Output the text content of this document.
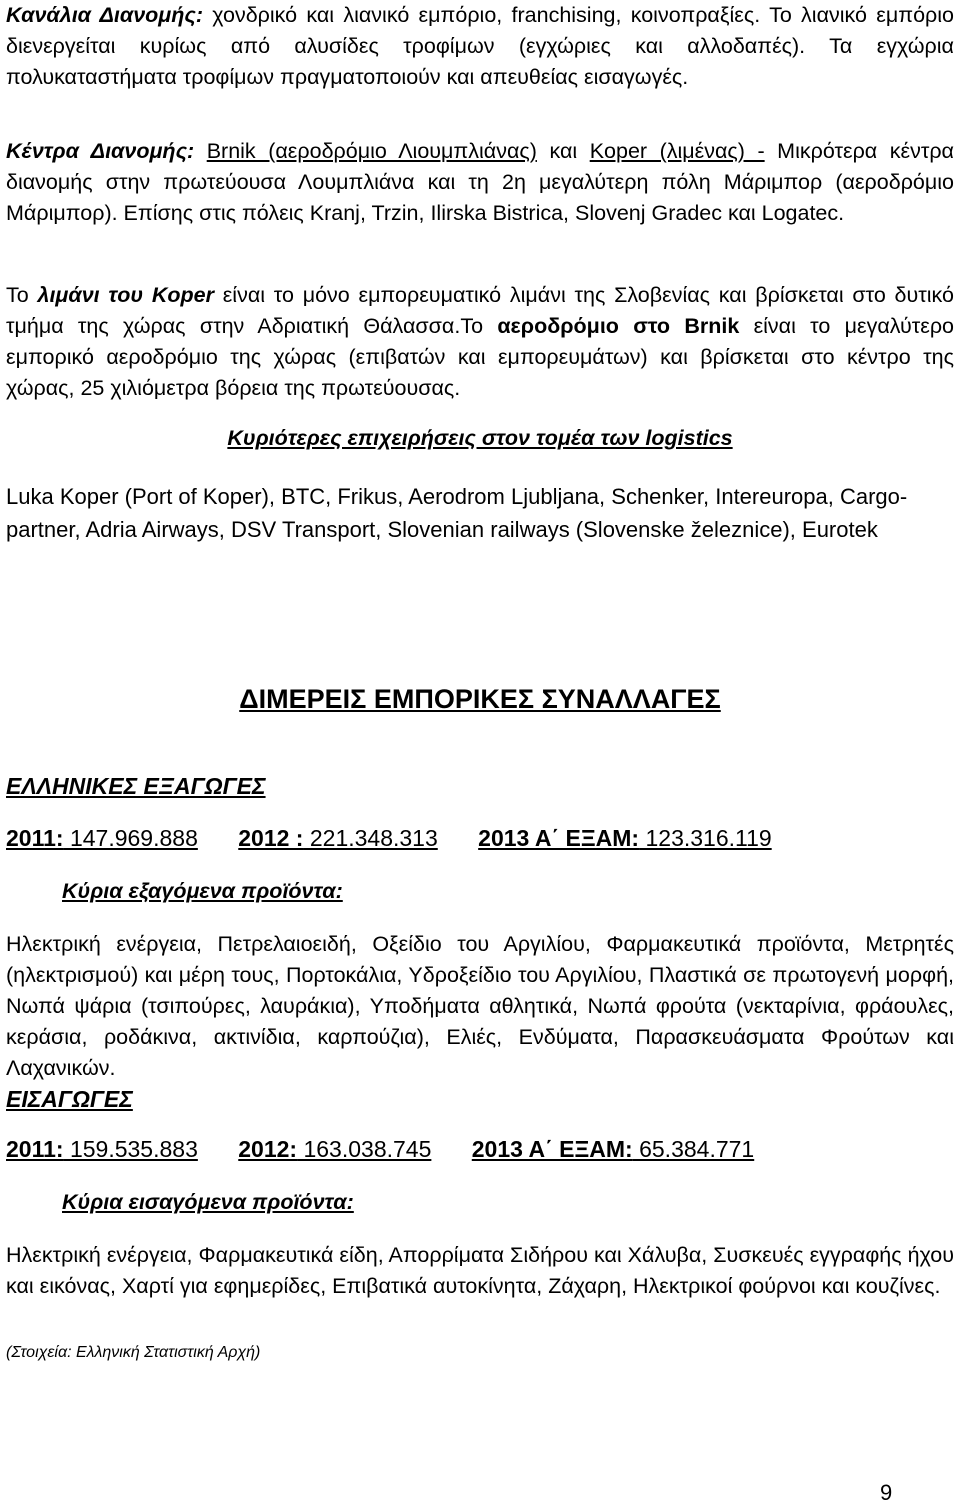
Κανάλια Διανομής: χονδρικό και λιανικό εμπόριο, franchising, κοινοπραξίες. Το λιανικό εμπόριο διενεργείται κυρίως από αλυσίδες τροφίμων (εγχώριες και αλλοδαπές). Τα εγχώρια πολυκαταστήματα τροφίμων πραγματοποιούν και απευθείας εισαγωγές.
Κέντρα Διανομής: Brnik (αεροδρόμιο Λιουμπλιάνας) και Koper (λιμένας) - Μικρότερα κέντρα διανομής στην πρωτεύουσα Λουμπλιάνα και τη 2η μεγαλύτερη πόλη Μάριμπορ (αεροδρόμιο Μάριμπορ). Επίσης στις πόλεις Kranj, Trzin, Ilirska Bistrica, Slovenj Gradec και Logatec.
Το λιμάνι του Koper είναι το μόνο εμπορευματικό λιμάνι της Σλοβενίας και βρίσκεται στο δυτικό τμήμα της χώρας στην Αδριατική Θάλασσα.Το αεροδρόμιο στο Brnik είναι το μεγαλύτερο εμπορικό αεροδρόμιο της χώρας (επιβατών και εμπορευμάτων) και βρίσκεται στο κέντρο της χώρας, 25 χιλιόμετρα βόρεια της πρωτεύουσας.
Κυριότερες επιχειρήσεις στον τομέα των logistics
Luka Koper (Port of Koper), BTC, Frikus, Aerodrom Ljubljana, Schenker, Intereuropa, Cargo-partner, Adria Airways, DSV Transport, Slovenian railways (Slovenske železnice), Eurotek
ΔΙΜΕΡΕΙΣ ΕΜΠΟΡΙΚΕΣ ΣΥΝΑΛΛΑΓΕΣ
ΕΛΛΗΝΙΚΕΣ ΕΞΑΓΩΓΕΣ
2011: 147.969.888 2012 : 221.348.313 2013 Α΄ ΕΞΑΜ: 123.316.119
Κύρια εξαγόμενα προϊόντα:
Ηλεκτρική ενέργεια, Πετρελαιοειδή, Οξείδιο του Αργιλίου, Φαρμακευτικά προϊόντα, Μετρητές (ηλεκτρισμού) και μέρη τους, Πορτοκάλια, Υδροξείδιο του Αργιλίου, Πλαστικά σε πρωτογενή μορφή, Νωπά ψάρια (τσιπούρες, λαυράκια), Υποδήματα αθλητικά, Νωπά φρούτα (νεκταρίνια, φράουλες, κεράσια, ροδάκινα, ακτινίδια, καρπούζια), Ελιές, Ενδύματα, Παρασκευάσματα Φρούτων και Λαχανικών.
ΕΙΣΑΓΩΓΕΣ
2011: 159.535.883 2012: 163.038.745 2013 Α΄ ΕΞΑΜ: 65.384.771
Κύρια εισαγόμενα προϊόντα:
Ηλεκτρική ενέργεια, Φαρμακευτικά είδη, Απορρίματα Σιδήρου και Χάλυβα, Συσκευές εγγραφής ήχου και εικόνας, Χαρτί για εφημερίδες, Επιβατικά αυτοκίνητα, Ζάχαρη, Ηλεκτρικοί φούρνοι και κουζίνες.
(Στοιχεία: Ελληνική Στατιστική Αρχή)
9
